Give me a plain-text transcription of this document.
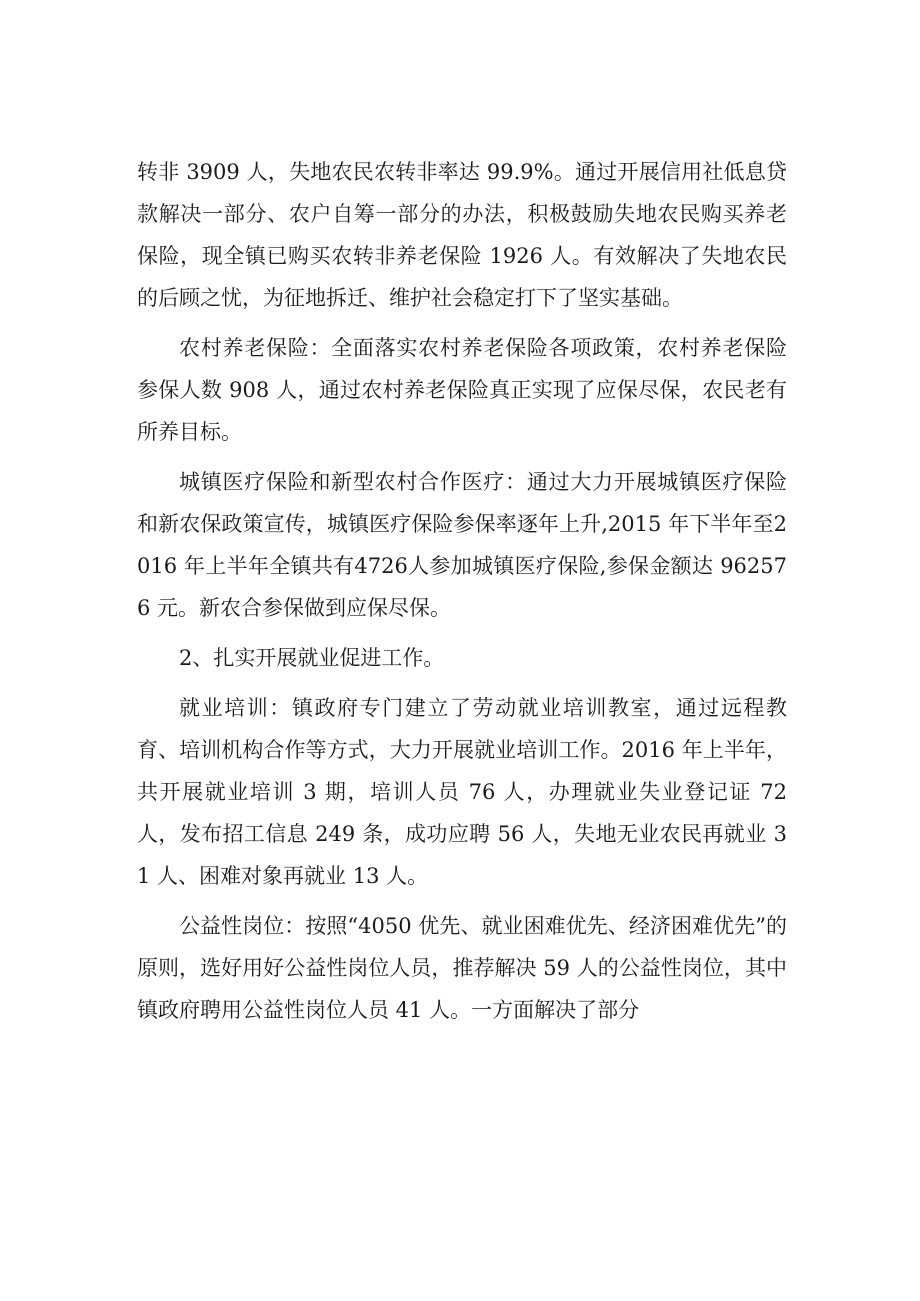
转非 3909 人，失地农民农转非率达 99.9%。通过开展信用社低息贷款解决一部分、农户自筹一部分的办法，积极鼓励失地农民购买养老保险，现全镇已购买农转非养老保险 1926 人。有效解决了失地农民的后顾之忧，为征地拆迁、维护社会稳定打下了坚实基础。

农村养老保险：全面落实农村养老保险各项政策，农村养老保险参保人数 908 人，通过农村养老保险真正实现了应保尽保，农民老有所养目标。

城镇医疗保险和新型农村合作医疗：通过大力开展城镇医疗保险和新农保政策宣传，城镇医疗保险参保率逐年上升,2015 年下半年至2016 年上半年全镇共有4726人参加城镇医疗保险,参保金额达 962576 元。新农合参保做到应保尽保。

2、扎实开展就业促进工作。

就业培训：镇政府专门建立了劳动就业培训教室，通过远程教育、培训机构合作等方式，大力开展就业培训工作。2016 年上半年，共开展就业培训 3 期，培训人员 76 人，办理就业失业登记证 72 人，发布招工信息 249 条，成功应聘 56 人，失地无业农民再就业 31 人、困难对象再就业 13 人。

公益性岗位：按照“4050 优先、就业困难优先、经济困难优先”的原则，选好用好公益性岗位人员，推荐解决 59 人的公益性岗位，其中镇政府聘用公益性岗位人员 41 人。一方面解决了部分
